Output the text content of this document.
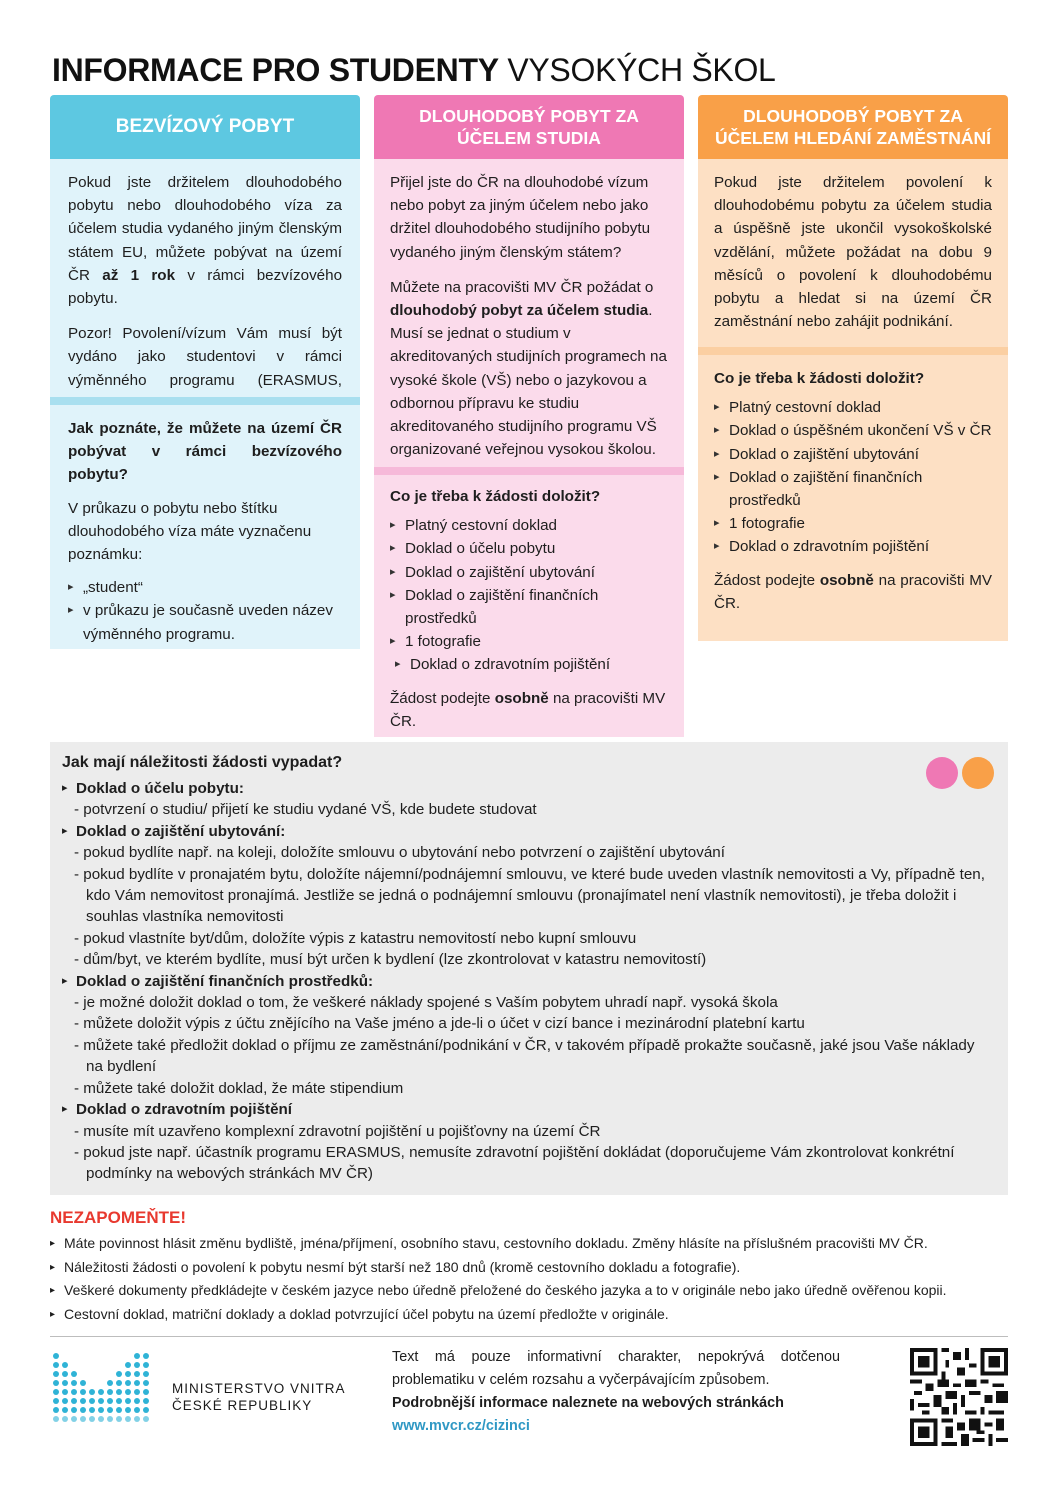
INFORMACE PRO STUDENTY VYSOKÝCH ŠKOL
BEZVÍZOVÝ POBYT

Pokud jste držitelem dlouhodobého pobytu nebo dlouhodobého víza za účelem studia vydaného jiným členským státem EU, můžete pobývat na území ČR až 1 rok v rámci bezvízového pobytu.

Pozor! Povolení/vízum Vám musí být vydáno jako studentovi v rámci výměnného programu (ERASMUS,

Jak poznáte, že můžete na území ČR pobývat v rámci bezvízového pobytu?

V průkazu o pobytu nebo štítku dlouhodobého víza máte vyznačenu poznámku:

▸ „student“
▸ v průkazu je současně uveden název výměnného programu.
DLOUHODOBÝ POBYT ZA ÚČELEM STUDIA

Přijel jste do ČR na dlouhodobé vízum nebo pobyt za jiným účelem nebo jako držitel dlouhodobého studijního pobytu vydaného jiným členským státem?

Můžete na pracovišti MV ČR požádat o dlouhodobý pobyt za účelem studia. Musí se jednat o studium v akreditovaných studijních programech na vysoké škole (VŠ) nebo o jazykovou a odbornou přípravu ke studiu akreditovaného studijního programu VŠ organizované veřejnou vysokou školou.

Co je třeba k žádosti doložit?

▸ Platný cestovní doklad
▸ Doklad o účelu pobytu
▸ Doklad o zajištění ubytování
▸ Doklad o zajištění finančních prostředků
▸ 1 fotografie
▸ Doklad o zdravotním pojištění

Žádost podejte osobně na pracovišti MV ČR.

DLOUHODOBÝ POBYT ZA ÚČELEM HLEDÁNÍ ZAMĚSTNÁNÍ

Pokud jste držitelem povolení k dlouhodobému pobytu za účelem studia a úspěšně jste ukončil vysokoškolské vzdělání, můžete požádat na dobu 9 měsíců o povolení k dlouhodobému pobytu a hledat si na území ČR zaměstnání nebo zahájit podnikání.

Co je třeba k žádosti doložit?

▸ Platný cestovní doklad
▸ Doklad o úspěšném ukončení VŠ v ČR
▸ Doklad o zajištění ubytování
▸ Doklad o zajištění finančních prostředků
▸ 1 fotografie
▸ Doklad o zdravotním pojištění

Žádost podejte osobně na pracovišti MV ČR.

Jak mají náležitosti žádosti vypadat?
▸ Doklad o účelu pobytu:
- potvrzení o studiu/ přijetí ke studiu vydané VŠ, kde budete studovat
▸ Doklad o zajištění ubytování:
- pokud bydlíte např. na koleji, doložíte smlouvu o ubytování nebo potvrzení o zajištění ubytování
- pokud bydlíte v pronajatém bytu, doložíte nájemní/podnájemní smlouvu, ve které bude uveden vlastník nemovitosti a Vy, případně ten, kdo Vám nemovitost pronajímá. Jestliže se jedná o podnájemní smlouvu (pronajímatel není vlastník nemovitosti), je třeba doložit i souhlas vlastníka nemovitosti
- pokud vlastníte byt/dům, doložíte výpis z katastru nemovitostí nebo kupní smlouvu
- dům/byt, ve kterém bydlíte, musí být určen k bydlení (lze zkontrolovat v katastru nemovitostí)
▸ Doklad o zajištění finančních prostředků:
- je možné doložit doklad o tom, že veškeré náklady spojené s Vaším pobytem uhradí např. vysoká škola
- můžete doložit výpis z účtu znějícího na Vaše jméno a jde-li o účet v cizí bance i mezinárodní platební kartu
- můžete také předložit doklad o příjmu ze zaměstnání/podnikání v ČR, v takovém případě prokažte současně, jaké jsou Vaše náklady na bydlení
- můžete také doložit doklad, že máte stipendium
▸ Doklad o zdravotním pojištění
- musíte mít uzavřeno komplexní zdravotní pojištění u pojišťovny na území ČR
- pokud jste např. účastník programu ERASMUS, nemusíte zdravotní pojištění dokládat (doporučujeme Vám zkontrolovat konkrétní podmínky na webových stránkách MV ČR)
NEZAPOMEŇTE!
▸ Máte povinnost hlásit změnu bydliště, jména/příjmení, osobního stavu, cestovního dokladu. Změny hlásíte na příslušném pracovišti MV ČR.
▸ Náležitosti žádosti o povolení k pobytu nesmí být starší než 180 dnů (kromě cestovního dokladu a fotografie).
▸ Veškeré dokumenty předkládejte v českém jazyce nebo úředně přeložené do českého jazyka a to v originále nebo jako úředně ověřenou kopii.
▸ Cestovní doklad, matriční doklady a doklad potvrzující účel pobytu na území předložte v originále.
MINISTERSTVO VNITRA
ČESKÉ REPUBLIKY
Text má pouze informativní charakter, nepokrývá dotčenou problematiku v celém rozsahu a vyčerpávajícím způsobem.
Podrobnější informace naleznete na webových stránkách
www.mvcr.cz/cizinci
